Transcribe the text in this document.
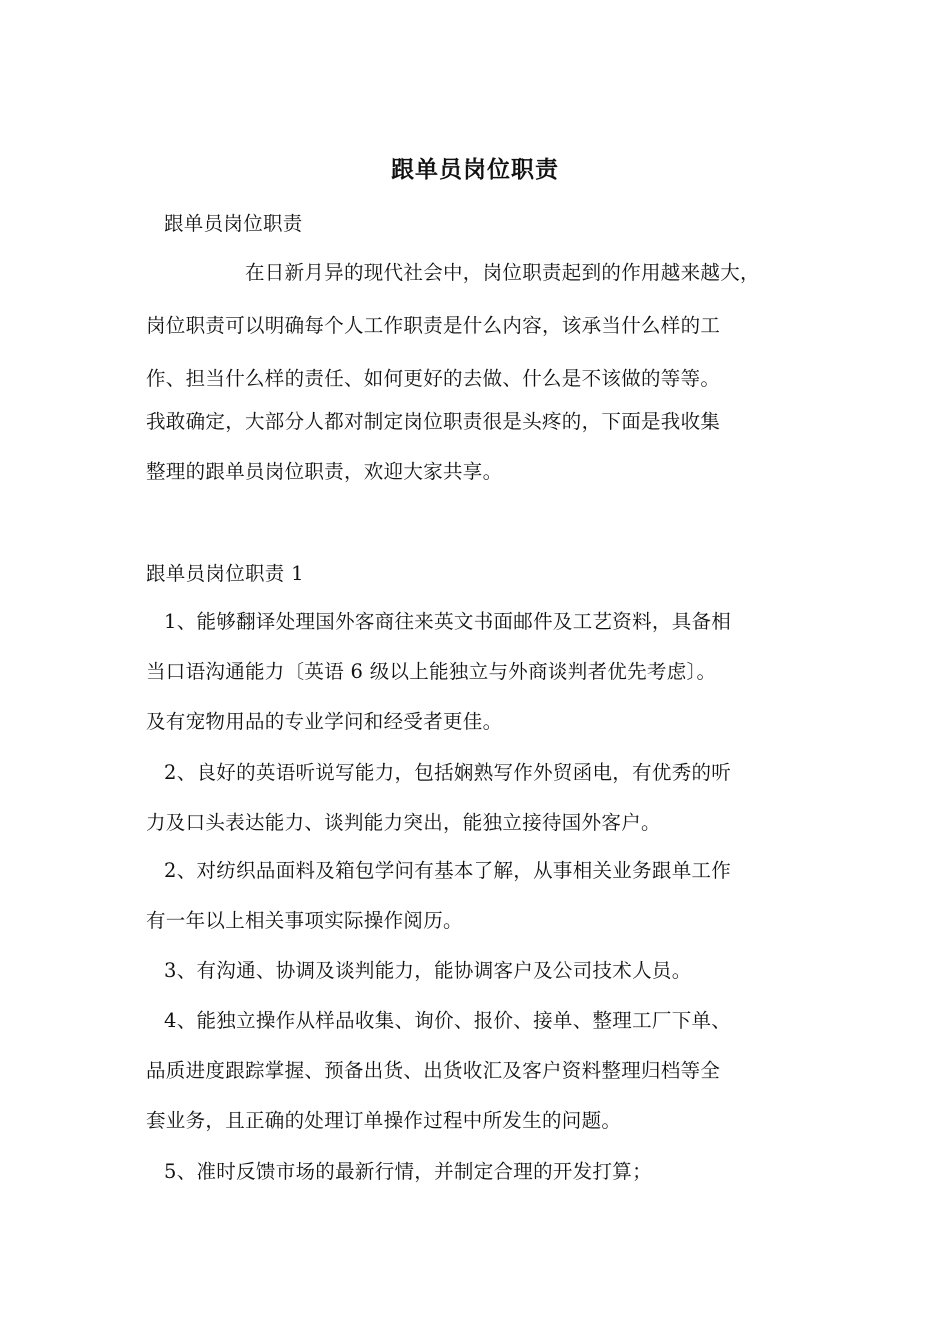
跟单员岗位职责
跟单员岗位职责
在日新月异的现代社会中，岗位职责起到的作用越来越大，
岗位职责可以明确每个人工作职责是什么内容，该承当什么样的工
作、担当什么样的责任、如何更好的去做、什么是不该做的等等。
我敢确定，大部分人都对制定岗位职责很是头疼的，下面是我收集
整理的跟单员岗位职责，欢迎大家共享。
跟单员岗位职责 1
1、能够翻译处理国外客商往来英文书面邮件及工艺资料，具备相
当口语沟通能力〔英语 6 级以上能独立与外商谈判者优先考虑〕。
及有宠物用品的专业学问和经受者更佳。
2、良好的英语听说写能力，包括娴熟写作外贸函电，有优秀的听
力及口头表达能力、谈判能力突出，能独立接待国外客户。
2、对纺织品面料及箱包学问有基本了解，从事相关业务跟单工作
有一年以上相关事项实际操作阅历。
3、有沟通、协调及谈判能力，能协调客户及公司技术人员。
4、能独立操作从样品收集、询价、报价、接单、整理工厂下单、
品质进度跟踪掌握、预备出货、出货收汇及客户资料整理归档等全
套业务，且正确的处理订单操作过程中所发生的问题。
5、准时反馈市场的最新行情，并制定合理的开发打算；
